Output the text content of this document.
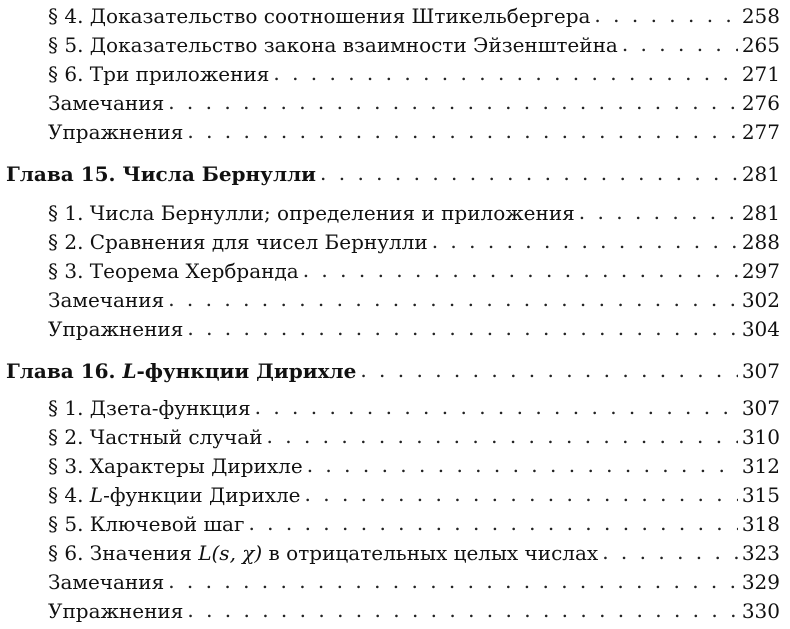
§ 4. Доказательство соотношения Штикельбергера . . .	258
§ 5. Доказательство закона взаимности Эйзенштейна . . .	265
§ 6. Три приложения . . .	271
Замечания . . .	276
Упражнения . . .	277
Глава 15. Числа Бернулли . . .	281
§ 1. Числа Бернулли; определения и приложения . . .	281
§ 2. Сравнения для чисел Бернулли . . .	288
§ 3. Теорема Хербранда . . .	297
Замечания . . .	302
Упражнения . . .	304
Глава 16. L-функции Дирихле . . .	307
§ 1. Дзета-функция . . .	307
§ 2. Частный случай . . .	310
§ 3. Характеры Дирихле . . .	312
§ 4. L-функции Дирихле . . .	315
§ 5. Ключевой шаг . . .	318
§ 6. Значения L(s, χ) в отрицательных целых числах . . .	323
Замечания . . .	329
Упражнения . . .	330
